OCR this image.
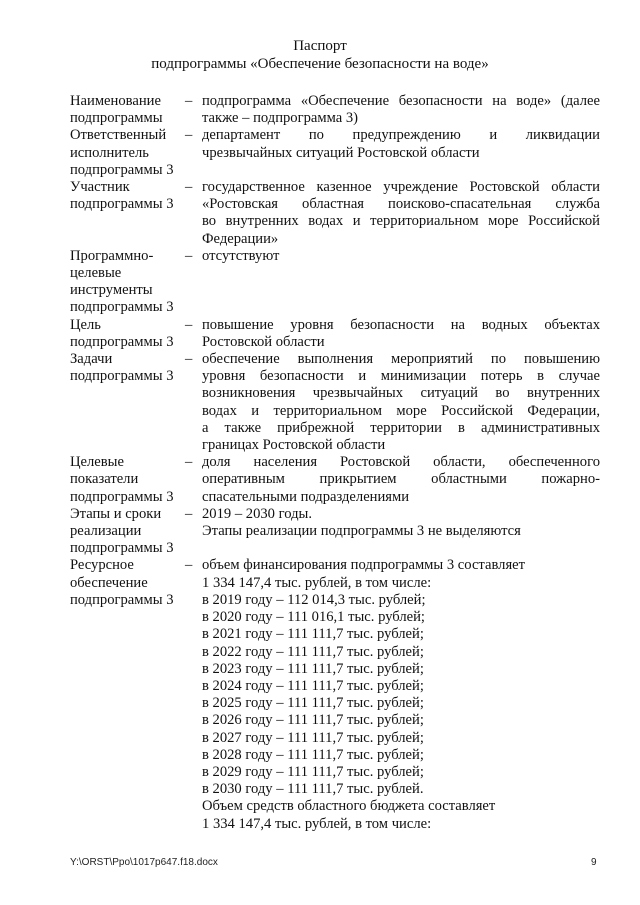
Паспорт
подпрограммы «Обеспечение безопасности на воде»
Наименование
подпрограммы
– подпрограмма «Обеспечение безопасности на воде» (далее
также – подпрограмма 3)
Ответственный
исполнитель
подпрограммы 3
– департамент по предупреждению и ликвидации
чрезвычайных ситуаций Ростовской области
Участник
подпрограммы 3
– государственное казенное учреждение Ростовской области
«Ростовская областная поисково-спасательная служба
во внутренних водах и территориальном море Российской
Федерации»
Программно-
целевые
инструменты
подпрограммы 3
– отсутствуют
Цель
подпрограммы 3
– повышение уровня безопасности на водных объектах
Ростовской области
Задачи
подпрограммы 3
– обеспечение выполнения мероприятий по повышению
уровня безопасности и минимизации потерь в случае
возникновения чрезвычайных ситуаций во внутренних
водах и территориальном море Российской Федерации,
а также прибрежной территории в административных
границах Ростовской области
Целевые
показатели
подпрограммы 3
– доля населения Ростовской области, обеспеченного
оперативным прикрытием областными пожарно-
спасательными подразделениями
Этапы и сроки
реализации
подпрограммы 3
– 2019 – 2030 годы.
Этапы реализации подпрограммы 3 не выделяются
Ресурсное
обеспечение
подпрограммы 3
– объем финансирования подпрограммы 3 составляет
1 334 147,4 тыс. рублей, в том числе:
в 2019 году – 112 014,3 тыс. рублей;
в 2020 году – 111 016,1 тыс. рублей;
в 2021 году – 111 111,7 тыс. рублей;
в 2022 году – 111 111,7 тыс. рублей;
в 2023 году – 111 111,7 тыс. рублей;
в 2024 году – 111 111,7 тыс. рублей;
в 2025 году – 111 111,7 тыс. рублей;
в 2026 году – 111 111,7 тыс. рублей;
в 2027 году – 111 111,7 тыс. рублей;
в 2028 году – 111 111,7 тыс. рублей;
в 2029 году – 111 111,7 тыс. рублей;
в 2030 году – 111 111,7 тыс. рублей.
Объем средств областного бюджета составляет
1 334 147,4 тыс. рублей, в том числе:
Y:\ORST\Ppo\1017p647.f18.docx	9
